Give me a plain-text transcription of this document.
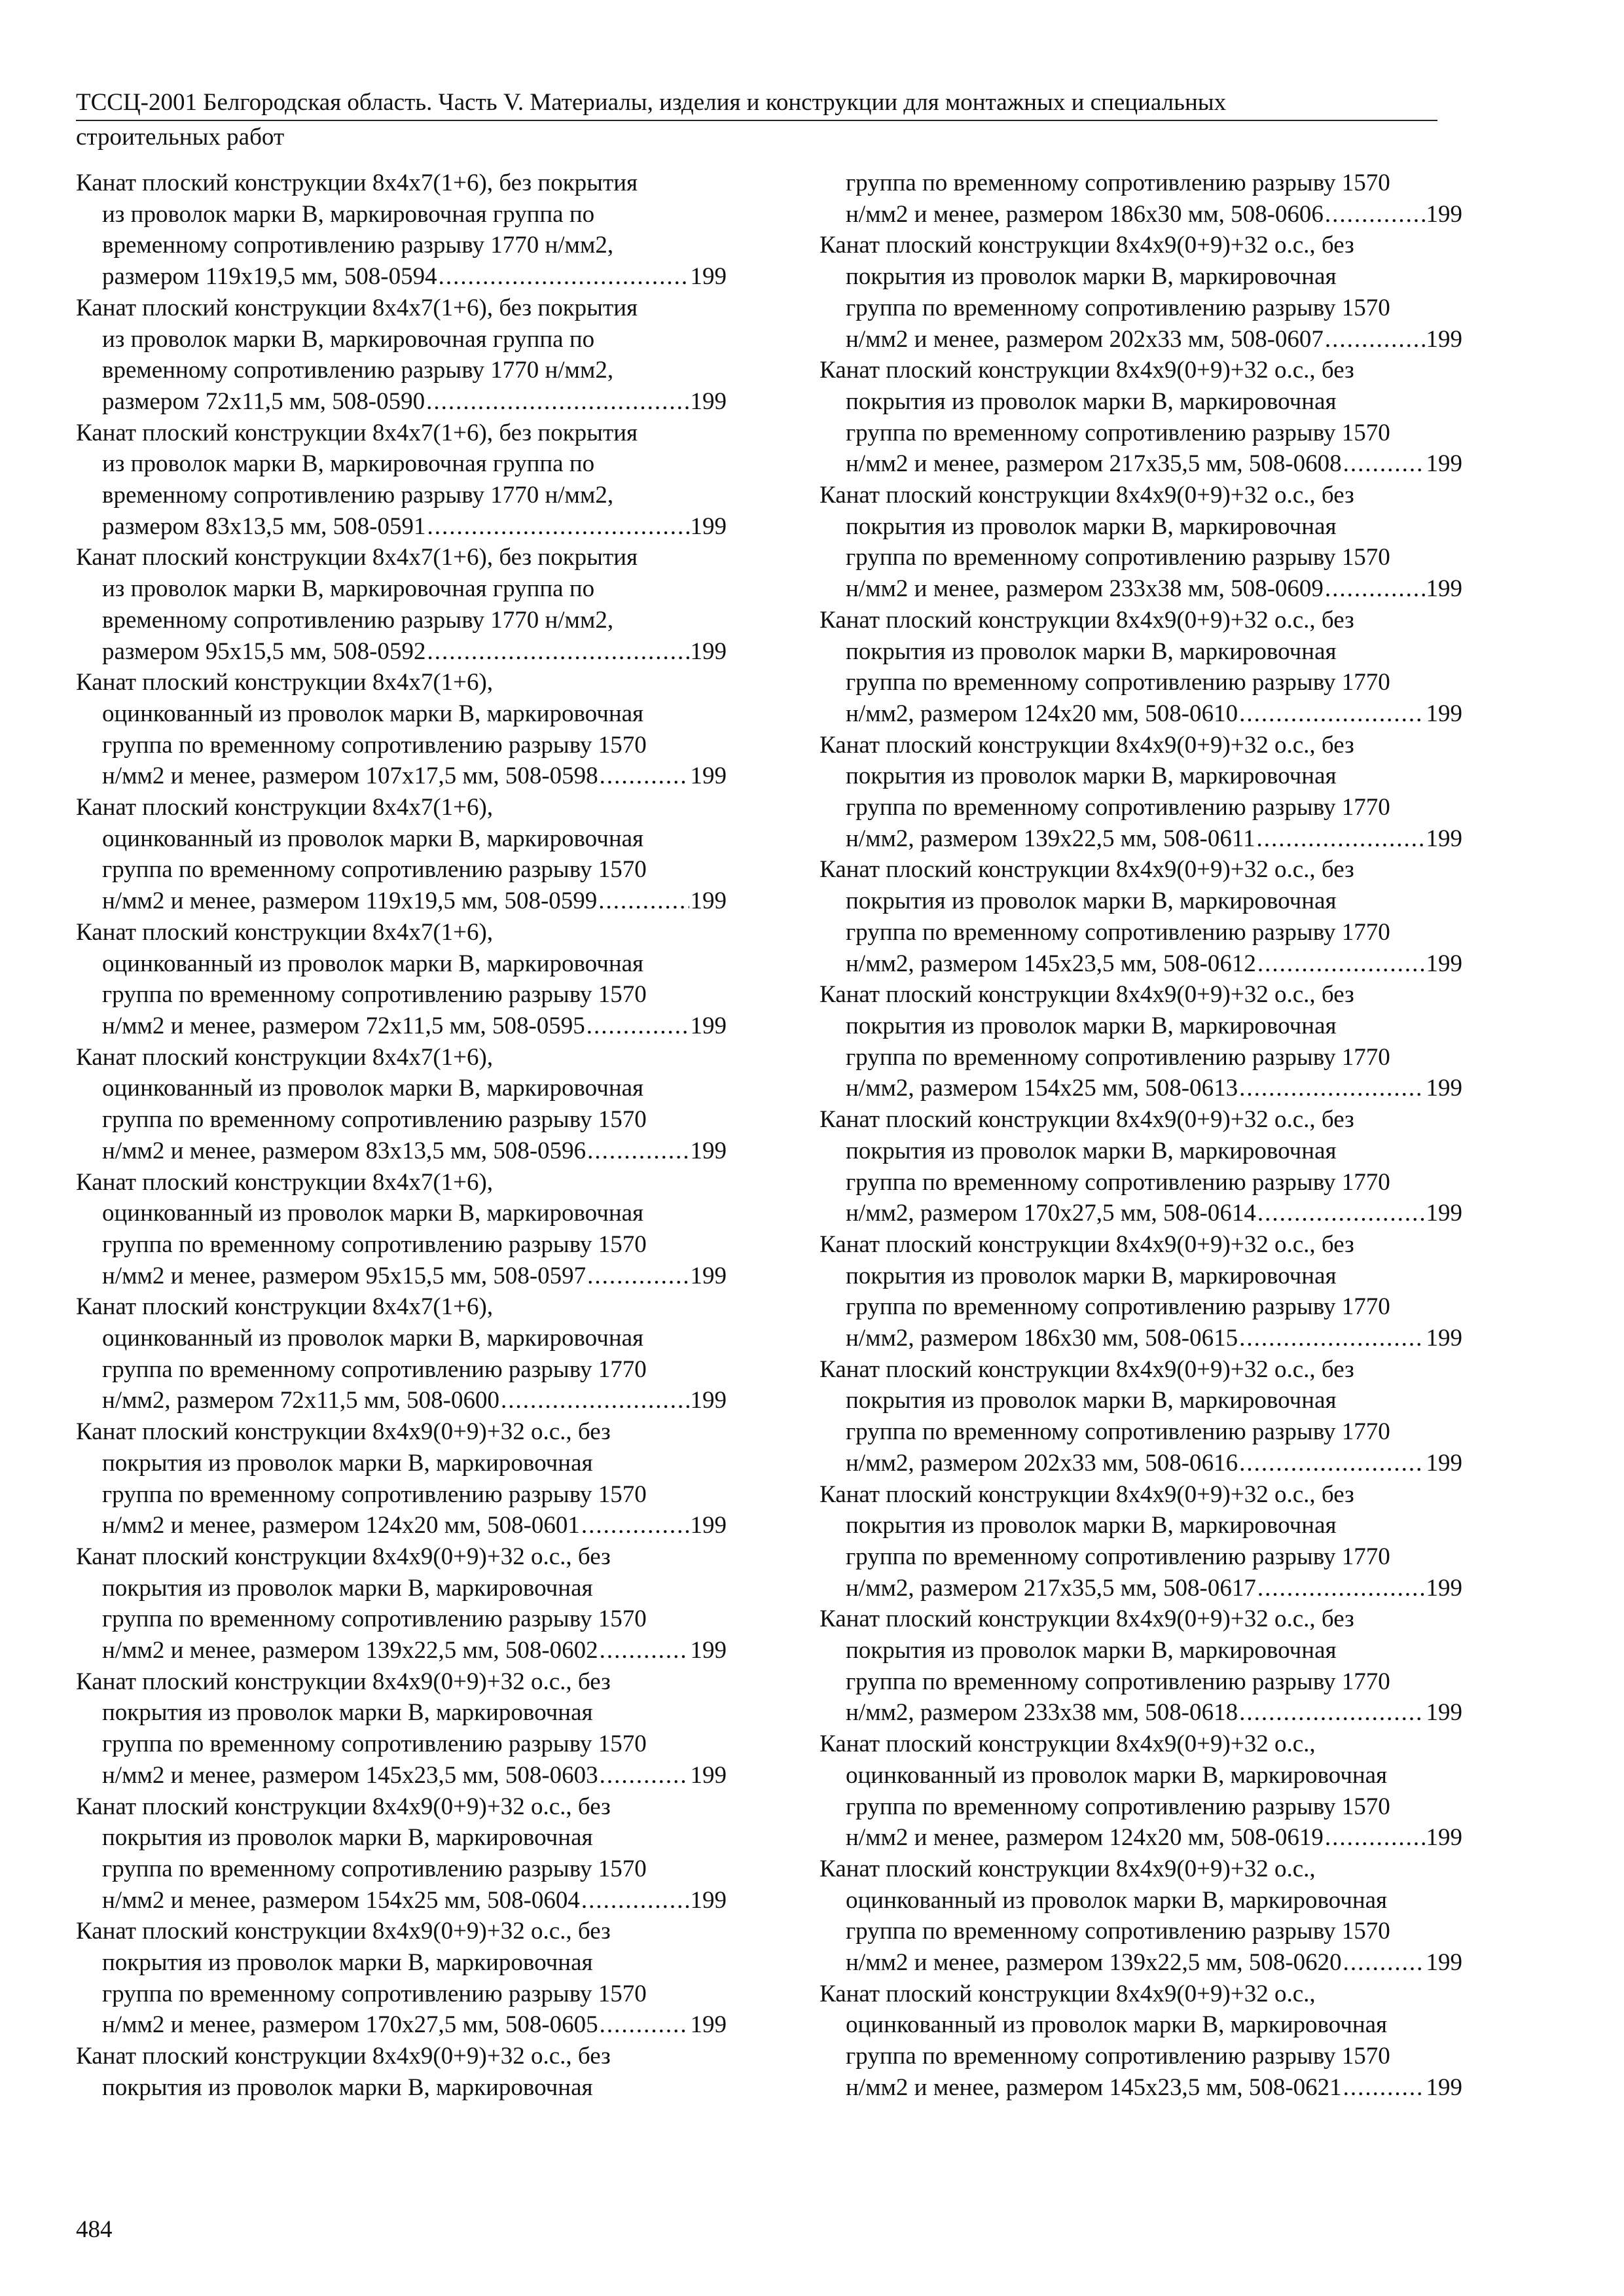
ТССЦ-2001 Белгородская область. Часть V. Материалы, изделия и конструкции для монтажных и специальных
строительных работ
Канат плоский конструкции 8х4х7(1+6), без покрытия
из проволок марки В, маркировочная группа по
временному сопротивлению разрыву 1770 н/мм2,
размером 119х19,5 мм, 508-0594 .....	199
Канат плоский конструкции 8х4х7(1+6), без покрытия
из проволок марки В, маркировочная группа по
временному сопротивлению разрыву 1770 н/мм2,
размером 72х11,5 мм, 508-0590 .....	199
Канат плоский конструкции 8х4х7(1+6), без покрытия
из проволок марки В, маркировочная группа по
временному сопротивлению разрыву 1770 н/мм2,
размером 83х13,5 мм, 508-0591 .....	199
Канат плоский конструкции 8х4х7(1+6), без покрытия
из проволок марки В, маркировочная группа по
временному сопротивлению разрыву 1770 н/мм2,
размером 95х15,5 мм, 508-0592 .....	199
Канат плоский конструкции 8х4х7(1+6),
оцинкованный из проволок марки В, маркировочная
группа по временному сопротивлению разрыву 1570
н/мм2 и менее, размером 107х17,5 мм, 508-0598 .....	199
Канат плоский конструкции 8х4х7(1+6),
оцинкованный из проволок марки В, маркировочная
группа по временному сопротивлению разрыву 1570
н/мм2 и менее, размером 119х19,5 мм, 508-0599 .....	199
Канат плоский конструкции 8х4х7(1+6),
оцинкованный из проволок марки В, маркировочная
группа по временному сопротивлению разрыву 1570
н/мм2 и менее, размером 72х11,5 мм, 508-0595 .....	199
Канат плоский конструкции 8х4х7(1+6),
оцинкованный из проволок марки В, маркировочная
группа по временному сопротивлению разрыву 1570
н/мм2 и менее, размером 83х13,5 мм, 508-0596 .....	199
Канат плоский конструкции 8х4х7(1+6),
оцинкованный из проволок марки В, маркировочная
группа по временному сопротивлению разрыву 1570
н/мм2 и менее, размером 95х15,5 мм, 508-0597 .....	199
Канат плоский конструкции 8х4х7(1+6),
оцинкованный из проволок марки В, маркировочная
группа по временному сопротивлению разрыву 1770
н/мм2, размером 72х11,5 мм, 508-0600 .....	199
Канат плоский конструкции 8х4х9(0+9)+32 о.с., без
покрытия из проволок марки В, маркировочная
группа по временному сопротивлению разрыву 1570
н/мм2 и менее, размером 124х20 мм, 508-0601 .....	199
Канат плоский конструкции 8х4х9(0+9)+32 о.с., без
покрытия из проволок марки В, маркировочная
группа по временному сопротивлению разрыву 1570
н/мм2 и менее, размером 139х22,5 мм, 508-0602 .....	199
Канат плоский конструкции 8х4х9(0+9)+32 о.с., без
покрытия из проволок марки В, маркировочная
группа по временному сопротивлению разрыву 1570
н/мм2 и менее, размером 145х23,5 мм, 508-0603 .....	199
Канат плоский конструкции 8х4х9(0+9)+32 о.с., без
покрытия из проволок марки В, маркировочная
группа по временному сопротивлению разрыву 1570
н/мм2 и менее, размером 154х25 мм, 508-0604 .....	199
Канат плоский конструкции 8х4х9(0+9)+32 о.с., без
покрытия из проволок марки В, маркировочная
группа по временному сопротивлению разрыву 1570
н/мм2 и менее, размером 170х27,5 мм, 508-0605 .....	199
Канат плоский конструкции 8х4х9(0+9)+32 о.с., без
покрытия из проволок марки В, маркировочная
группа по временному сопротивлению разрыву 1570
н/мм2 и менее, размером 186х30 мм, 508-0606 .....	199
Канат плоский конструкции 8х4х9(0+9)+32 о.с., без
покрытия из проволок марки В, маркировочная
группа по временному сопротивлению разрыву 1570
н/мм2 и менее, размером 202х33 мм, 508-0607 .....	199
Канат плоский конструкции 8х4х9(0+9)+32 о.с., без
покрытия из проволок марки В, маркировочная
группа по временному сопротивлению разрыву 1570
н/мм2 и менее, размером 217х35,5 мм, 508-0608 .....	199
Канат плоский конструкции 8х4х9(0+9)+32 о.с., без
покрытия из проволок марки В, маркировочная
группа по временному сопротивлению разрыву 1570
н/мм2 и менее, размером 233х38 мм, 508-0609 .....	199
Канат плоский конструкции 8х4х9(0+9)+32 о.с., без
покрытия из проволок марки В, маркировочная
группа по временному сопротивлению разрыву 1770
н/мм2, размером 124х20 мм, 508-0610 .....	199
Канат плоский конструкции 8х4х9(0+9)+32 о.с., без
покрытия из проволок марки В, маркировочная
группа по временному сопротивлению разрыву 1770
н/мм2, размером 139х22,5 мм, 508-0611 .....	199
Канат плоский конструкции 8х4х9(0+9)+32 о.с., без
покрытия из проволок марки В, маркировочная
группа по временному сопротивлению разрыву 1770
н/мм2, размером 145х23,5 мм, 508-0612 .....	199
Канат плоский конструкции 8х4х9(0+9)+32 о.с., без
покрытия из проволок марки В, маркировочная
группа по временному сопротивлению разрыву 1770
н/мм2, размером 154х25 мм, 508-0613 .....	199
Канат плоский конструкции 8х4х9(0+9)+32 о.с., без
покрытия из проволок марки В, маркировочная
группа по временному сопротивлению разрыву 1770
н/мм2, размером 170х27,5 мм, 508-0614 .....	199
Канат плоский конструкции 8х4х9(0+9)+32 о.с., без
покрытия из проволок марки В, маркировочная
группа по временному сопротивлению разрыву 1770
н/мм2, размером 186х30 мм, 508-0615 .....	199
Канат плоский конструкции 8х4х9(0+9)+32 о.с., без
покрытия из проволок марки В, маркировочная
группа по временному сопротивлению разрыву 1770
н/мм2, размером 202х33 мм, 508-0616 .....	199
Канат плоский конструкции 8х4х9(0+9)+32 о.с., без
покрытия из проволок марки В, маркировочная
группа по временному сопротивлению разрыву 1770
н/мм2, размером 217х35,5 мм, 508-0617 .....	199
Канат плоский конструкции 8х4х9(0+9)+32 о.с., без
покрытия из проволок марки В, маркировочная
группа по временному сопротивлению разрыву 1770
н/мм2, размером 233х38 мм, 508-0618 .....	199
Канат плоский конструкции 8х4х9(0+9)+32 о.с.,
оцинкованный из проволок марки В, маркировочная
группа по временному сопротивлению разрыву 1570
н/мм2 и менее, размером 124х20 мм, 508-0619 .....	199
Канат плоский конструкции 8х4х9(0+9)+32 о.с.,
оцинкованный из проволок марки В, маркировочная
группа по временному сопротивлению разрыву 1570
н/мм2 и менее, размером 139х22,5 мм, 508-0620 .....	199
Канат плоский конструкции 8х4х9(0+9)+32 о.с.,
оцинкованный из проволок марки В, маркировочная
группа по временному сопротивлению разрыву 1570
н/мм2 и менее, размером 145х23,5 мм, 508-0621 .....	199
484
